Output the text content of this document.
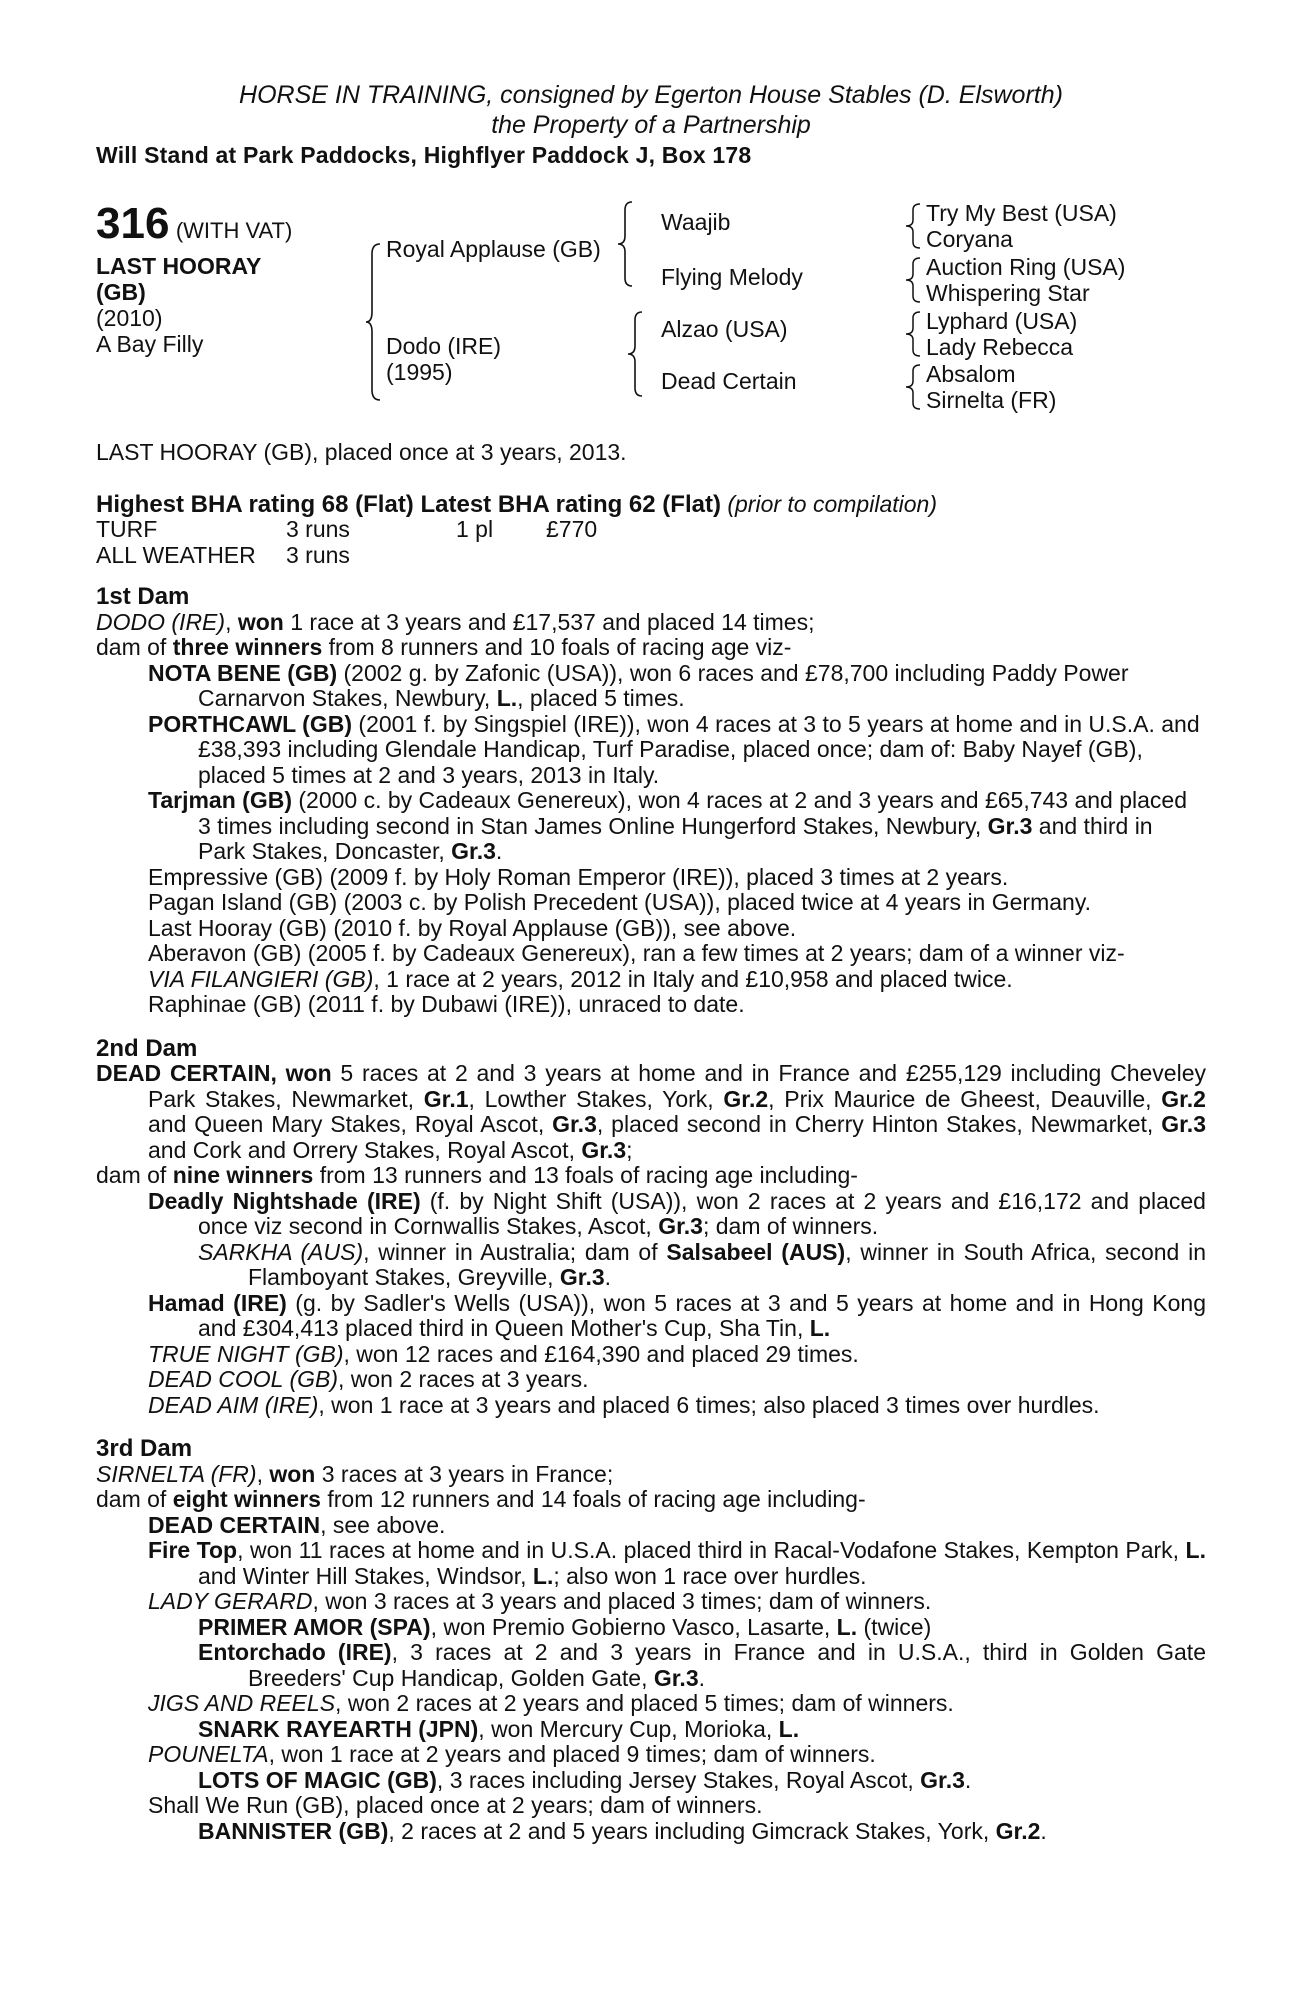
HORSE IN TRAINING, consigned by Egerton House Stables (D. Elsworth)

the Property of a Partnership

Will Stand at Park Paddocks, Highflyer Paddock J, Box 178

316 (WITH VAT)
LAST HOORAY
(GB)
(2010)
A Bay Filly
Royal Applause (GB)
Dodo (IRE)
(1995)
Waajib
Flying Melody
Alzao (USA)
Dead Certain
Try My Best (USA)
Coryana
Auction Ring (USA)
Whispering Star
Lyphard (USA)
Lady Rebecca
Absalom
Sirnelta (FR)

LAST HOORAY (GB), placed once at 3 years, 2013.

Highest BHA rating 68 (Flat) Latest BHA rating 62 (Flat) (prior to compilation)

TURF	3 runs	1 pl	£770
ALL WEATHER	3 runs

1st Dam

DODO (IRE), won 1 race at 3 years and £17,537 and placed 14 times;

dam of three winners from 8 runners and 10 foals of racing age viz-

NOTA BENE (GB) (2002 g. by Zafonic (USA)), won 6 races and £78,700 including Paddy Power Carnarvon Stakes, Newbury, L., placed 5 times.

PORTHCAWL (GB) (2001 f. by Singspiel (IRE)), won 4 races at 3 to 5 years at home and in U.S.A. and £38,393 including Glendale Handicap, Turf Paradise, placed once; dam of: Baby Nayef (GB), placed 5 times at 2 and 3 years, 2013 in Italy.

Tarjman (GB) (2000 c. by Cadeaux Genereux), won 4 races at 2 and 3 years and £65,743 and placed 3 times including second in Stan James Online Hungerford Stakes, Newbury, Gr.3 and third in Park Stakes, Doncaster, Gr.3.

Empressive (GB) (2009 f. by Holy Roman Emperor (IRE)), placed 3 times at 2 years.

Pagan Island (GB) (2003 c. by Polish Precedent (USA)), placed twice at 4 years in Germany.

Last Hooray (GB) (2010 f. by Royal Applause (GB)), see above.

Aberavon (GB) (2005 f. by Cadeaux Genereux), ran a few times at 2 years; dam of a winner viz-

VIA FILANGIERI (GB), 1 race at 2 years, 2012 in Italy and £10,958 and placed twice.

Raphinae (GB) (2011 f. by Dubawi (IRE)), unraced to date.

2nd Dam

DEAD CERTAIN, won 5 races at 2 and 3 years at home and in France and £255,129 including Cheveley Park Stakes, Newmarket, Gr.1, Lowther Stakes, York, Gr.2, Prix Maurice de Gheest, Deauville, Gr.2 and Queen Mary Stakes, Royal Ascot, Gr.3, placed second in Cherry Hinton Stakes, Newmarket, Gr.3 and Cork and Orrery Stakes, Royal Ascot, Gr.3;

dam of nine winners from 13 runners and 13 foals of racing age including-

Deadly Nightshade (IRE) (f. by Night Shift (USA)), won 2 races at 2 years and £16,172 and placed once viz second in Cornwallis Stakes, Ascot, Gr.3; dam of winners.

SARKHA (AUS), winner in Australia; dam of Salsabeel (AUS), winner in South Africa, second in Flamboyant Stakes, Greyville, Gr.3.

Hamad (IRE) (g. by Sadler's Wells (USA)), won 5 races at 3 and 5 years at home and in Hong Kong and £304,413 placed third in Queen Mother's Cup, Sha Tin, L.

TRUE NIGHT (GB), won 12 races and £164,390 and placed 29 times.

DEAD COOL (GB), won 2 races at 3 years.

DEAD AIM (IRE), won 1 race at 3 years and placed 6 times; also placed 3 times over hurdles.

3rd Dam

SIRNELTA (FR), won 3 races at 3 years in France;

dam of eight winners from 12 runners and 14 foals of racing age including-

DEAD CERTAIN, see above.

Fire Top, won 11 races at home and in U.S.A. placed third in Racal-Vodafone Stakes, Kempton Park, L. and Winter Hill Stakes, Windsor, L.; also won 1 race over hurdles.

LADY GERARD, won 3 races at 3 years and placed 3 times; dam of winners.

PRIMER AMOR (SPA), won Premio Gobierno Vasco, Lasarte, L. (twice)

Entorchado (IRE), 3 races at 2 and 3 years in France and in U.S.A., third in Golden Gate Breeders' Cup Handicap, Golden Gate, Gr.3.

JIGS AND REELS, won 2 races at 2 years and placed 5 times; dam of winners.

SNARK RAYEARTH (JPN), won Mercury Cup, Morioka, L.

POUNELTA, won 1 race at 2 years and placed 9 times; dam of winners.

LOTS OF MAGIC (GB), 3 races including Jersey Stakes, Royal Ascot, Gr.3.

Shall We Run (GB), placed once at 2 years; dam of winners.

BANNISTER (GB), 2 races at 2 and 5 years including Gimcrack Stakes, York, Gr.2.
